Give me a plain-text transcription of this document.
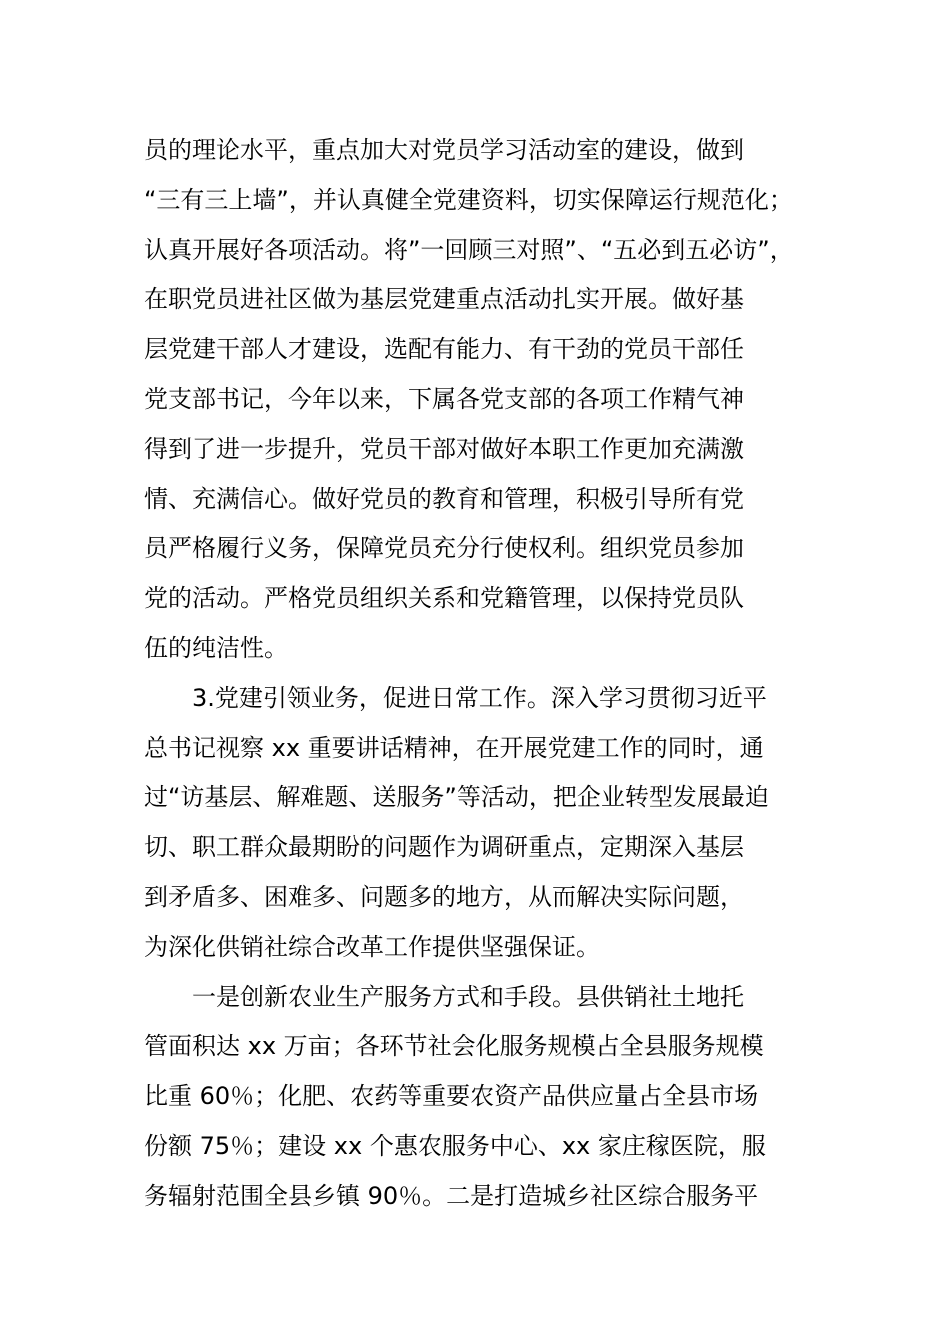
员的理论水平，重点加大对党员学习活动室的建设，做到
“三有三上墙”，并认真健全党建资料，切实保障运行规范化；
认真开展好各项活动。将”一回顾三对照”、“五必到五必访”，
在职党员进社区做为基层党建重点活动扎实开展。做好基
层党建干部人才建设，选配有能力、有干劲的党员干部任
党支部书记，今年以来，下属各党支部的各项工作精气神
得到了进一步提升，党员干部对做好本职工作更加充满激
情、充满信心。做好党员的教育和管理，积极引导所有党
员严格履行义务，保障党员充分行使权利。组织党员参加
党的活动。严格党员组织关系和党籍管理，以保持党员队
伍的纯洁性。
3.党建引领业务，促进日常工作。深入学习贯彻习近平
总书记视察 xx 重要讲话精神，在开展党建工作的同时，通
过“访基层、解难题、送服务”等活动，把企业转型发展最迫
切、职工群众最期盼的问题作为调研重点，定期深入基层
到矛盾多、困难多、问题多的地方，从而解决实际问题，
为深化供销社综合改革工作提供坚强保证。
一是创新农业生产服务方式和手段。县供销社土地托
管面积达 xx 万亩；各环节社会化服务规模占全县服务规模
比重 60％；化肥、农药等重要农资产品供应量占全县市场
份额 75％；建设 xx 个惠农服务中心、xx 家庄稼医院，服
务辐射范围全县乡镇 90％。二是打造城乡社区综合服务平
